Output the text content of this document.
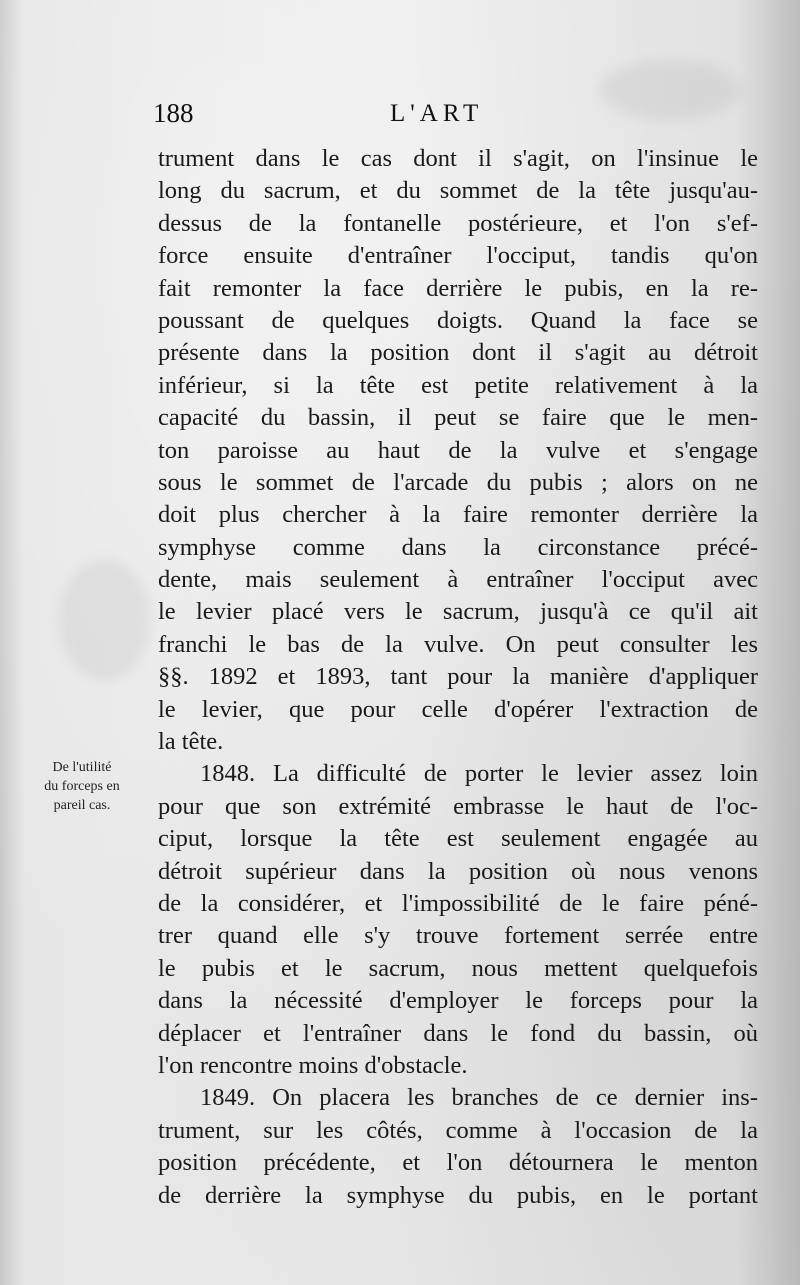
188	L'ART
De l'utilité
du forceps en
pareil cas.
trument dans le cas dont il s'agit, on l'insinue le
long du sacrum, et du sommet de la tête jusqu'au-
dessus de la fontanelle postérieure, et l'on s'ef-
force ensuite d'entraîner l'occiput, tandis qu'on
fait remonter la face derrière le pubis, en la re-
poussant de quelques doigts. Quand la face se
présente dans la position dont il s'agit au détroit
inférieur, si la tête est petite relativement à la
capacité du bassin, il peut se faire que le men-
ton paroisse au haut de la vulve et s'engage
sous le sommet de l'arcade du pubis ; alors on ne
doit plus chercher à la faire remonter derrière la
symphyse comme dans la circonstance précé-
dente, mais seulement à entraîner l'occiput avec
le levier placé vers le sacrum, jusqu'à ce qu'il ait
franchi le bas de la vulve. On peut consulter les
§§. 1892 et 1893, tant pour la manière d'appliquer
le levier, que pour celle d'opérer l'extraction de
la tête.
1848. La difficulté de porter le levier assez loin
pour que son extrémité embrasse le haut de l'oc-
ciput, lorsque la tête est seulement engagée au
détroit supérieur dans la position où nous venons
de la considérer, et l'impossibilité de le faire péné-
trer quand elle s'y trouve fortement serrée entre
le pubis et le sacrum, nous mettent quelquefois
dans la nécessité d'employer le forceps pour la
déplacer et l'entraîner dans le fond du bassin, où
l'on rencontre moins d'obstacle.
1849. On placera les branches de ce dernier ins-
trument, sur les côtés, comme à l'occasion de la
position précédente, et l'on détournera le menton
de derrière la symphyse du pubis, en le portant
